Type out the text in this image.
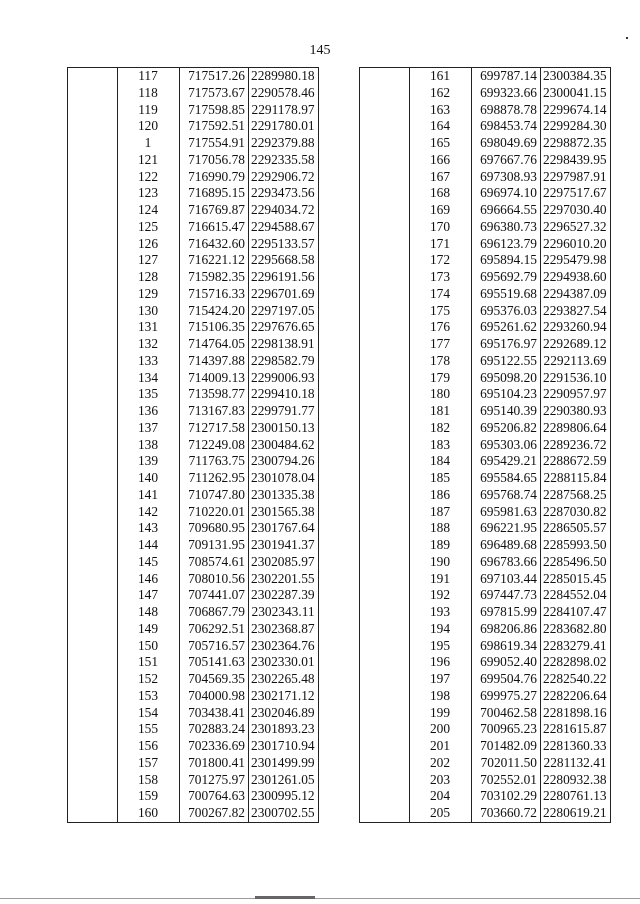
145
	117	717517.26	2289980.18
	118	717573.67	2290578.46
	119	717598.85	2291178.97
	120	717592.51	2291780.01
	1	717554.91	2292379.88
	121	717056.78	2292335.58
	122	716990.79	2292906.72
	123	716895.15	2293473.56
	124	716769.87	2294034.72
	125	716615.47	2294588.67
	126	716432.60	2295133.57
	127	716221.12	2295668.58
	128	715982.35	2296191.56
	129	715716.33	2296701.69
	130	715424.20	2297197.05
	131	715106.35	2297676.65
	132	714764.05	2298138.91
	133	714397.88	2298582.79
	134	714009.13	2299006.93
	135	713598.77	2299410.18
	136	713167.83	2299791.77
	137	712717.58	2300150.13
	138	712249.08	2300484.62
	139	711763.75	2300794.26
	140	711262.95	2301078.04
	141	710747.80	2301335.38
	142	710220.01	2301565.38
	143	709680.95	2301767.64
	144	709131.95	2301941.37
	145	708574.61	2302085.97
	146	708010.56	2302201.55
	147	707441.07	2302287.39
	148	706867.79	2302343.11
	149	706292.51	2302368.87
	150	705716.57	2302364.76
	151	705141.63	2302330.01
	152	704569.35	2302265.48
	153	704000.98	2302171.12
	154	703438.41	2302046.89
	155	702883.24	2301893.23
	156	702336.69	2301710.94
	157	701800.41	2301499.99
	158	701275.97	2301261.05
	159	700764.63	2300995.12
	160	700267.82	2300702.55
	161	699787.14	2300384.35
	162	699323.66	2300041.15
	163	698878.78	2299674.14
	164	698453.74	2299284.30
	165	698049.69	2298872.35
	166	697667.76	2298439.95
	167	697308.93	2297987.91
	168	696974.10	2297517.67
	169	696664.55	2297030.40
	170	696380.73	2296527.32
	171	696123.79	2296010.20
	172	695894.15	2295479.98
	173	695692.79	2294938.60
	174	695519.68	2294387.09
	175	695376.03	2293827.54
	176	695261.62	2293260.94
	177	695176.97	2292689.12
	178	695122.55	2292113.69
	179	695098.20	2291536.10
	180	695104.23	2290957.97
	181	695140.39	2290380.93
	182	695206.82	2289806.64
	183	695303.06	2289236.72
	184	695429.21	2288672.59
	185	695584.65	2288115.84
	186	695768.74	2287568.25
	187	695981.63	2287030.82
	188	696221.95	2286505.57
	189	696489.68	2285993.50
	190	696783.66	2285496.50
	191	697103.44	2285015.45
	192	697447.73	2284552.04
	193	697815.99	2284107.47
	194	698206.86	2283682.80
	195	698619.34	2283279.41
	196	699052.40	2282898.02
	197	699504.76	2282540.22
	198	699975.27	2282206.64
	199	700462.58	2281898.16
	200	700965.23	2281615.87
	201	701482.09	2281360.33
	202	702011.50	2281132.41
	203	702552.01	2280932.38
	204	703102.29	2280761.13
	205	703660.72	2280619.21
